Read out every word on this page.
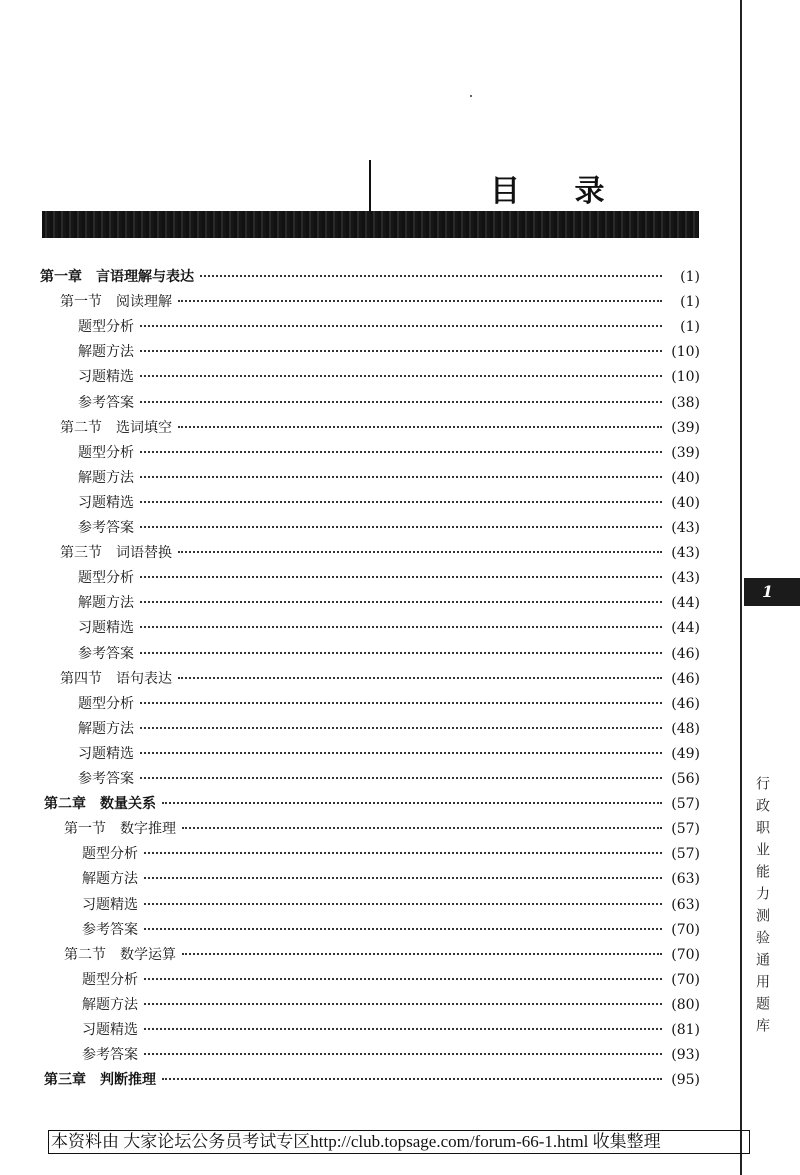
目 录
1
行政职业能力测验通用题库
第一章 言语理解与表达	(1)
第一节 阅读理解	(1)
题型分析	(1)
解题方法	(10)
习题精选	(10)
参考答案	(38)
第二节 选词填空	(39)
题型分析	(39)
解题方法	(40)
习题精选	(40)
参考答案	(43)
第三节 词语替换	(43)
题型分析	(43)
解题方法	(44)
习题精选	(44)
参考答案	(46)
第四节 语句表达	(46)
题型分析	(46)
解题方法	(48)
习题精选	(49)
参考答案	(56)
第二章 数量关系	(57)
第一节 数字推理	(57)
题型分析	(57)
解题方法	(63)
习题精选	(63)
参考答案	(70)
第二节 数学运算	(70)
题型分析	(70)
解题方法	(80)
习题精选	(81)
参考答案	(93)
第三章 判断推理	(95)
本资料由 大家论坛公务员考试专区http://club.topsage.com/forum-66-1.html 收集整理
